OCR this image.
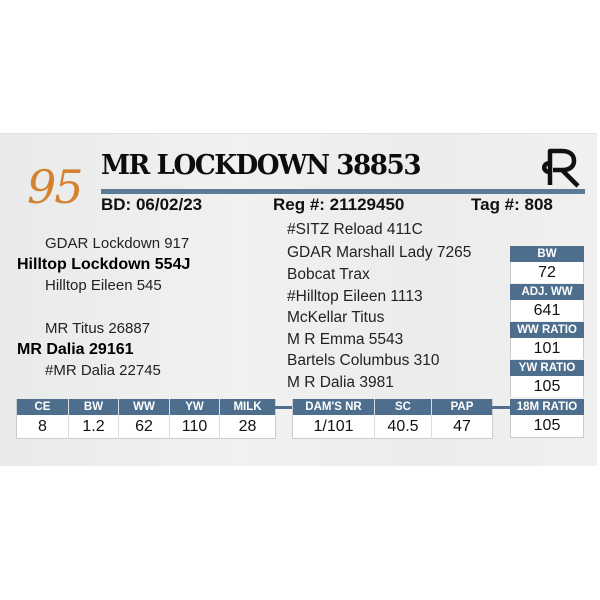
95 MR LOCKDOWN 38853
BD: 06/02/23	Reg #: 21129450	Tag #: 808
GDAR Lockdown 917
Hilltop Lockdown 554J
Hilltop Eileen 545
MR Titus 26887
MR Dalia 29161
#MR Dalia 22745
#SITZ Reload 411C
GDAR Marshall Lady 7265
Bobcat Trax
#Hilltop Eileen 1113
McKellar Titus
M R Emma 5543
Bartels Columbus 310
M R Dalia 3981
BW
72
ADJ. WW
641
WW RATIO
101
YW RATIO
105
18M RATIO
105
CE
8
BW
1.2
WW
62
YW
110
MILK
28
DAM'S NR
1/101
SC
40.5
PAP
47
